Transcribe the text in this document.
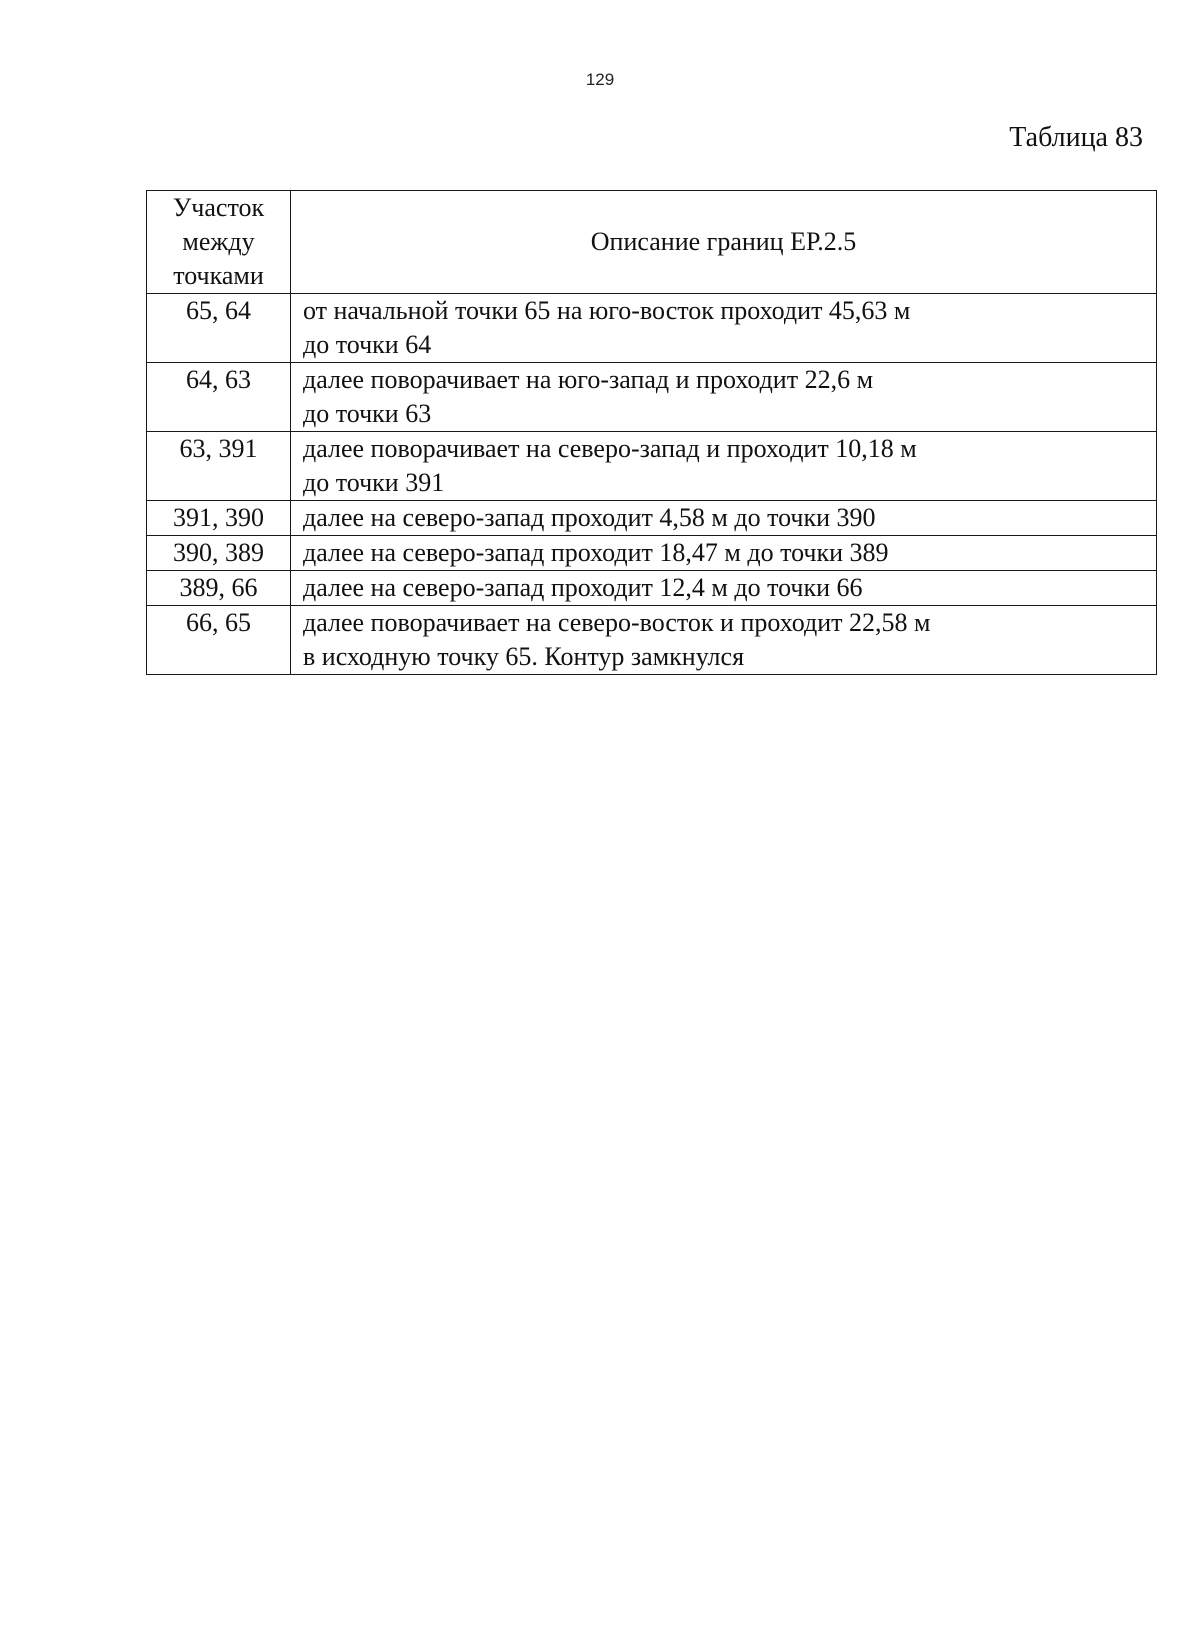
129
Таблица 83
Участок
между
точками	Описание границ ЕР.2.5
65, 64	от начальной точки 65 на юго-восток проходит 45,63 м
до точки 64

64, 63	далее поворачивает на юго-запад и проходит 22,6 м
до точки 63

63, 391	далее поворачивает на северо-запад и проходит 10,18 м
до точки 391

391, 390	далее на северо-запад проходит 4,58 м до точки 390

390, 389	далее на северо-запад проходит 18,47 м до точки 389

389, 66	далее на северо-запад проходит 12,4 м до точки 66

66, 65	далее поворачивает на северо-восток и проходит 22,58 м
в исходную точку 65. Контур замкнулся
